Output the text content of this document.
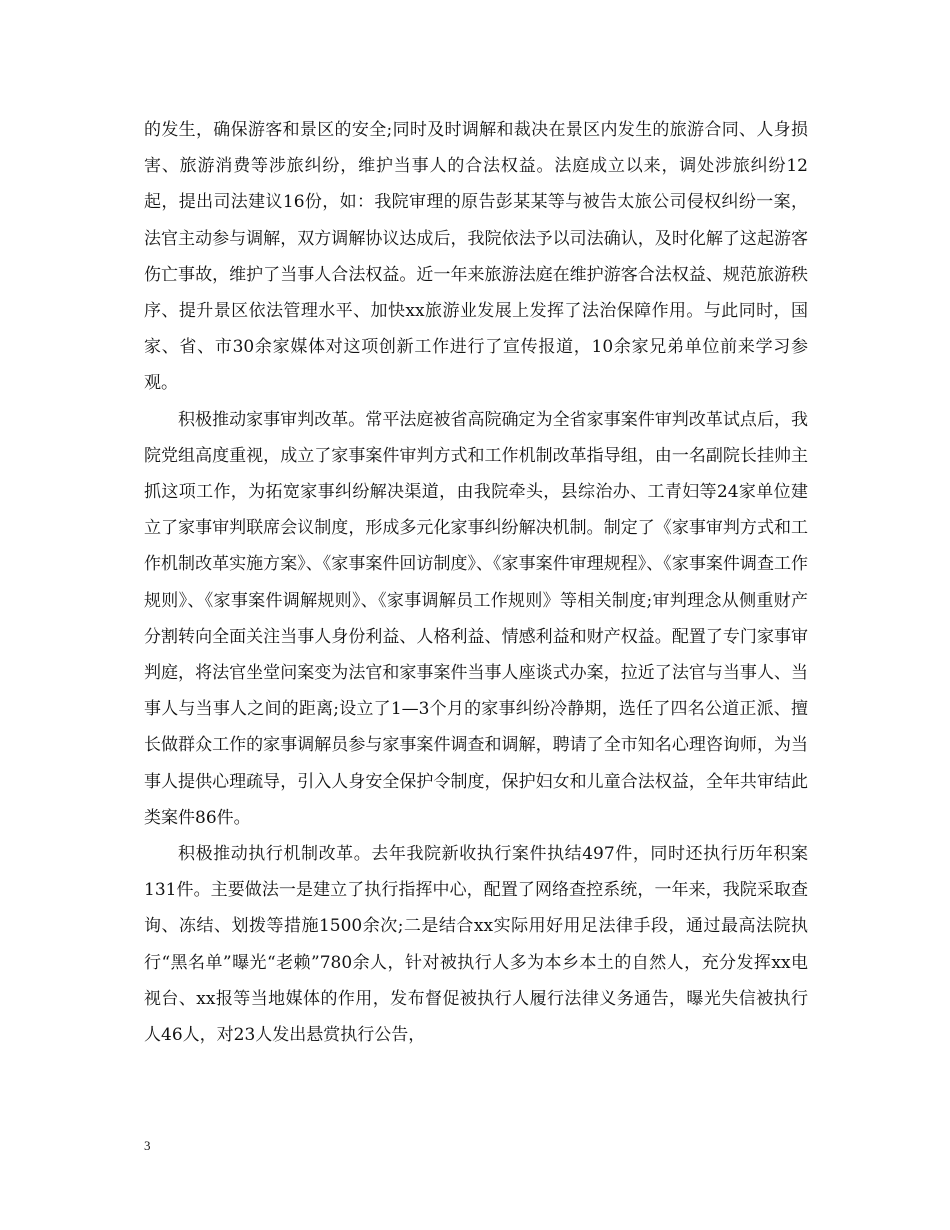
的发生，确保游客和景区的安全;同时及时调解和裁决在景区内发生的旅游合同、人身损害、旅游消费等涉旅纠纷，维护当事人的合法权益。法庭成立以来，调处涉旅纠纷12起，提出司法建议16份，如：我院审理的原告彭某某等与被告太旅公司侵权纠纷一案，法官主动参与调解，双方调解协议达成后，我院依法予以司法确认，及时化解了这起游客伤亡事故，维护了当事人合法权益。近一年来旅游法庭在维护游客合法权益、规范旅游秩序、提升景区依法管理水平、加快xx旅游业发展上发挥了法治保障作用。与此同时，国家、省、市30余家媒体对这项创新工作进行了宣传报道，10余家兄弟单位前来学习参观。

积极推动家事审判改革。常平法庭被省高院确定为全省家事案件审判改革试点后，我院党组高度重视，成立了家事案件审判方式和工作机制改革指导组，由一名副院长挂帅主抓这项工作，为拓宽家事纠纷解决渠道，由我院牵头，县综治办、工青妇等24家单位建立了家事审判联席会议制度，形成多元化家事纠纷解决机制。制定了《家事审判方式和工作机制改革实施方案》、《家事案件回访制度》、《家事案件审理规程》、《家事案件调查工作规则》、《家事案件调解规则》、《家事调解员工作规则》等相关制度;审判理念从侧重财产分割转向全面关注当事人身份利益、人格利益、情感利益和财产权益。配置了专门家事审判庭，将法官坐堂问案变为法官和家事案件当事人座谈式办案，拉近了法官与当事人、当事人与当事人之间的距离;设立了1—3个月的家事纠纷冷静期，选任了四名公道正派、擅长做群众工作的家事调解员参与家事案件调查和调解，聘请了全市知名心理咨询师，为当事人提供心理疏导，引入人身安全保护令制度，保护妇女和儿童合法权益，全年共审结此类案件86件。

积极推动执行机制改革。去年我院新收执行案件执结497件，同时还执行历年积案131件。主要做法一是建立了执行指挥中心，配置了网络查控系统，一年来，我院采取查询、冻结、划拨等措施1500余次;二是结合xx实际用好用足法律手段，通过最高法院执行“黑名单”曝光“老赖”780余人，针对被执行人多为本乡本土的自然人，充分发挥xx电视台、xx报等当地媒体的作用，发布督促被执行人履行法律义务通告，曝光失信被执行人46人，对23人发出悬赏执行公告，

3
